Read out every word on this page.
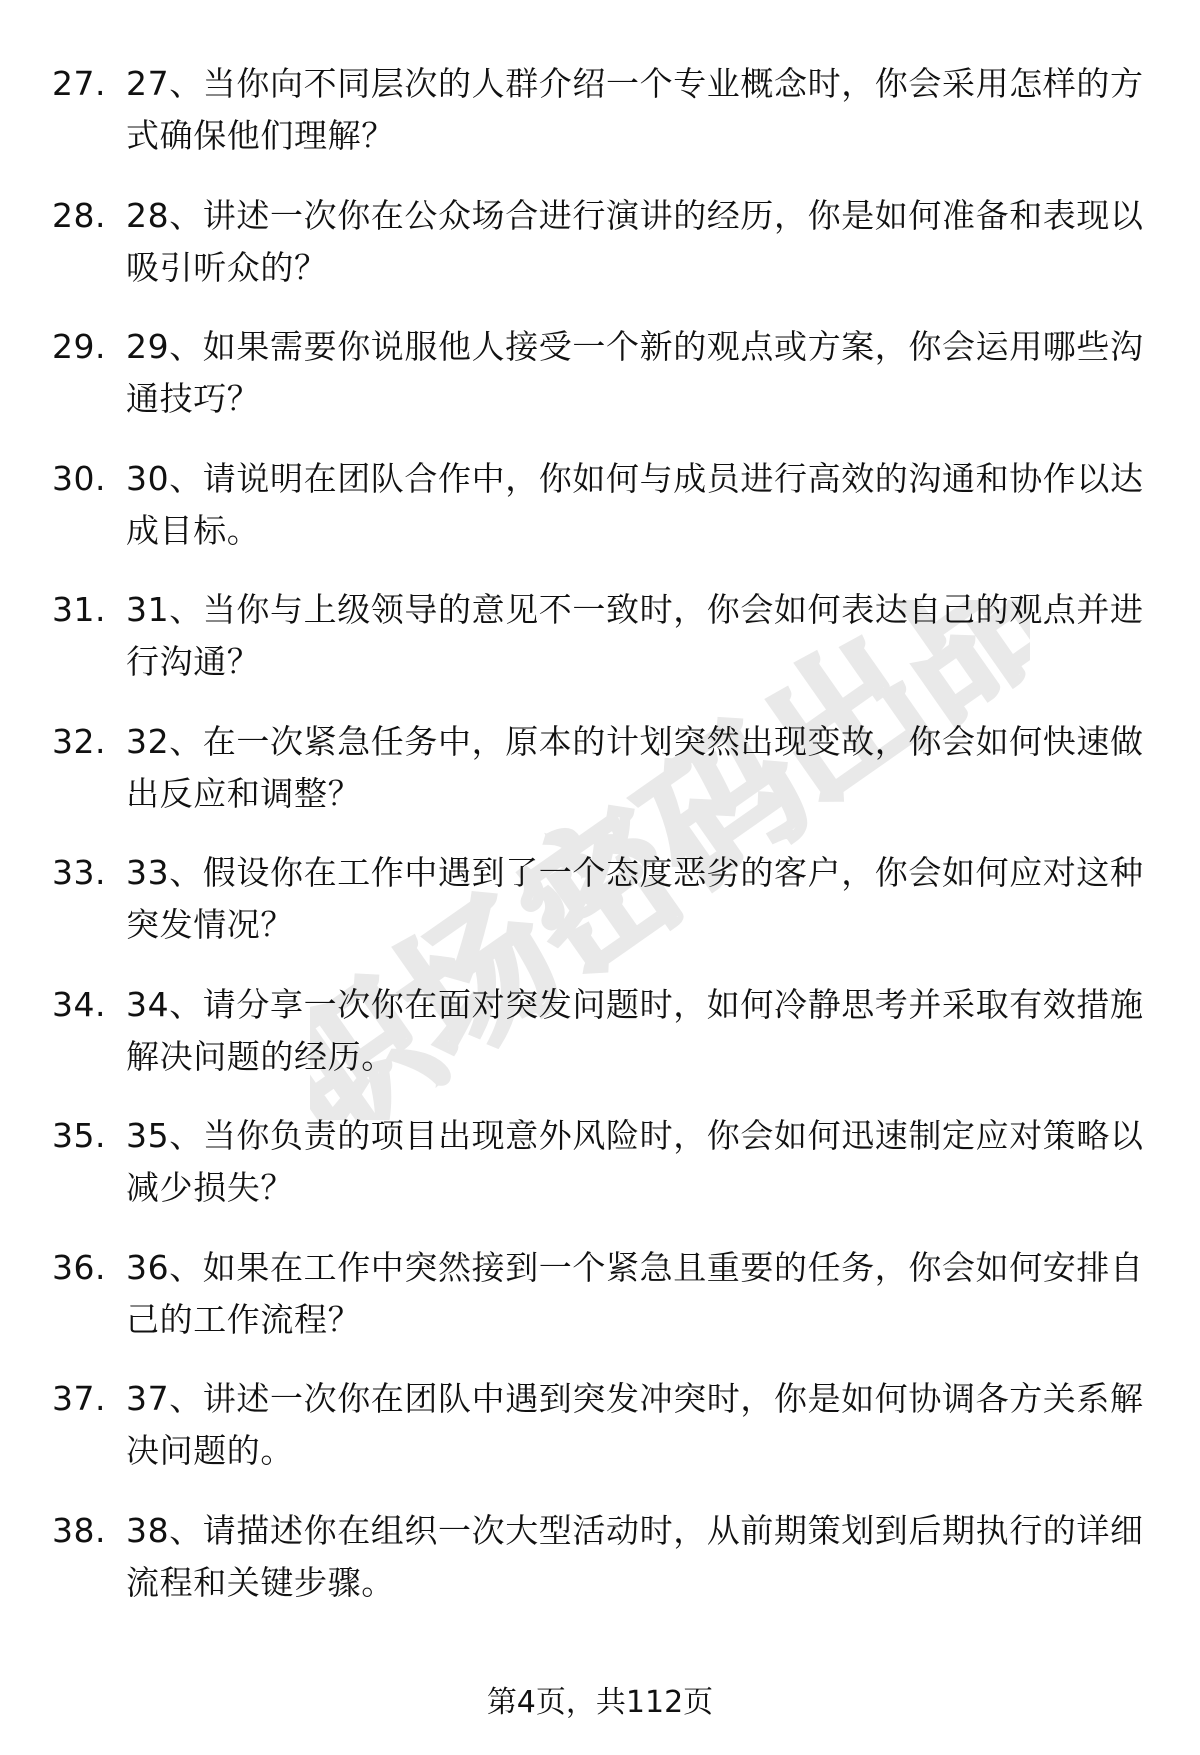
职场密码出品
27. 27、当你向不同层次的人群介绍一个专业概念时，你会采用怎样的方式确保他们理解？
28. 28、讲述一次你在公众场合进行演讲的经历，你是如何准备和表现以吸引听众的？
29. 29、如果需要你说服他人接受一个新的观点或方案，你会运用哪些沟通技巧？
30. 30、请说明在团队合作中，你如何与成员进行高效的沟通和协作以达成目标。
31. 31、当你与上级领导的意见不一致时，你会如何表达自己的观点并进行沟通？
32. 32、在一次紧急任务中，原本的计划突然出现变故，你会如何快速做出反应和调整？
33. 33、假设你在工作中遇到了一个态度恶劣的客户，你会如何应对这种突发情况？
34. 34、请分享一次你在面对突发问题时，如何冷静思考并采取有效措施解决问题的经历。
35. 35、当你负责的项目出现意外风险时，你会如何迅速制定应对策略以减少损失？
36. 36、如果在工作中突然接到一个紧急且重要的任务，你会如何安排自己的工作流程？
37. 37、讲述一次你在团队中遇到突发冲突时，你是如何协调各方关系解决问题的。
38. 38、请描述你在组织一次大型活动时，从前期策划到后期执行的详细流程和关键步骤。
第4页，共112页
